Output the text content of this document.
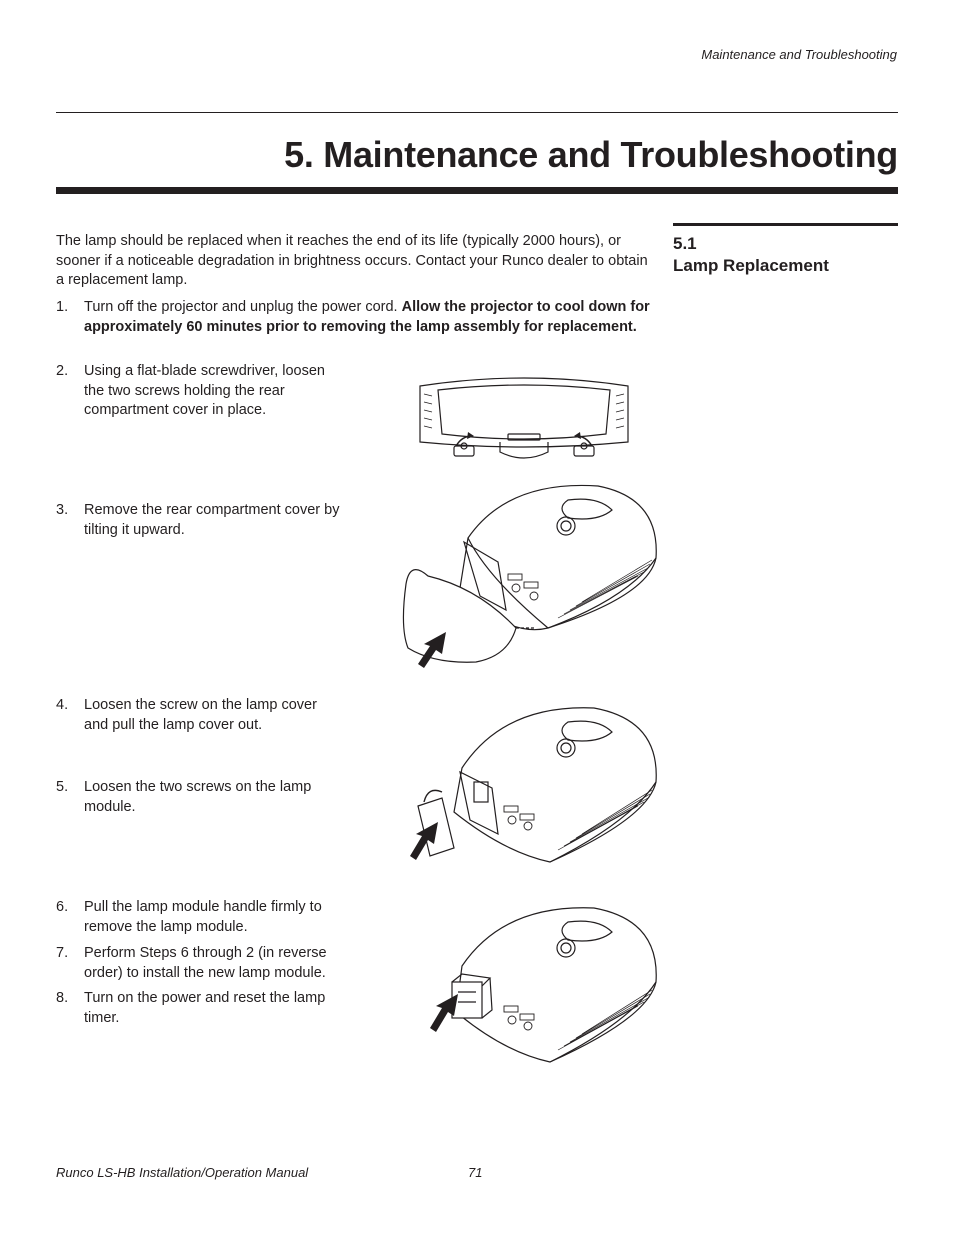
Maintenance and Troubleshooting
5. Maintenance and Troubleshooting
5.1
Lamp Replacement

The lamp should be replaced when it reaches the end of its life (typically 2000 hours), or sooner if a noticeable degradation in brightness occurs. Contact your Runco dealer to obtain a replacement lamp.

1.	Turn off the projector and unplug the power cord. Allow the projector to cool down for approximately 60 minutes prior to removing the lamp assembly for replacement.
2.	Using a flat-blade screwdriver, loosen the two screws holding the rear compartment cover in place.
3.	Remove the rear compartment cover by tilting it upward.
4.	Loosen the screw on the lamp cover and pull the lamp cover out.
5.	Loosen the two screws on the lamp module.
6.	Pull the lamp module handle firmly to remove the lamp module.
7.	Perform Steps 6 through 2 (in reverse order) to install the new lamp module.
8.	Turn on the power and reset the lamp timer.
Runco LS-HB Installation/Operation Manual	71
